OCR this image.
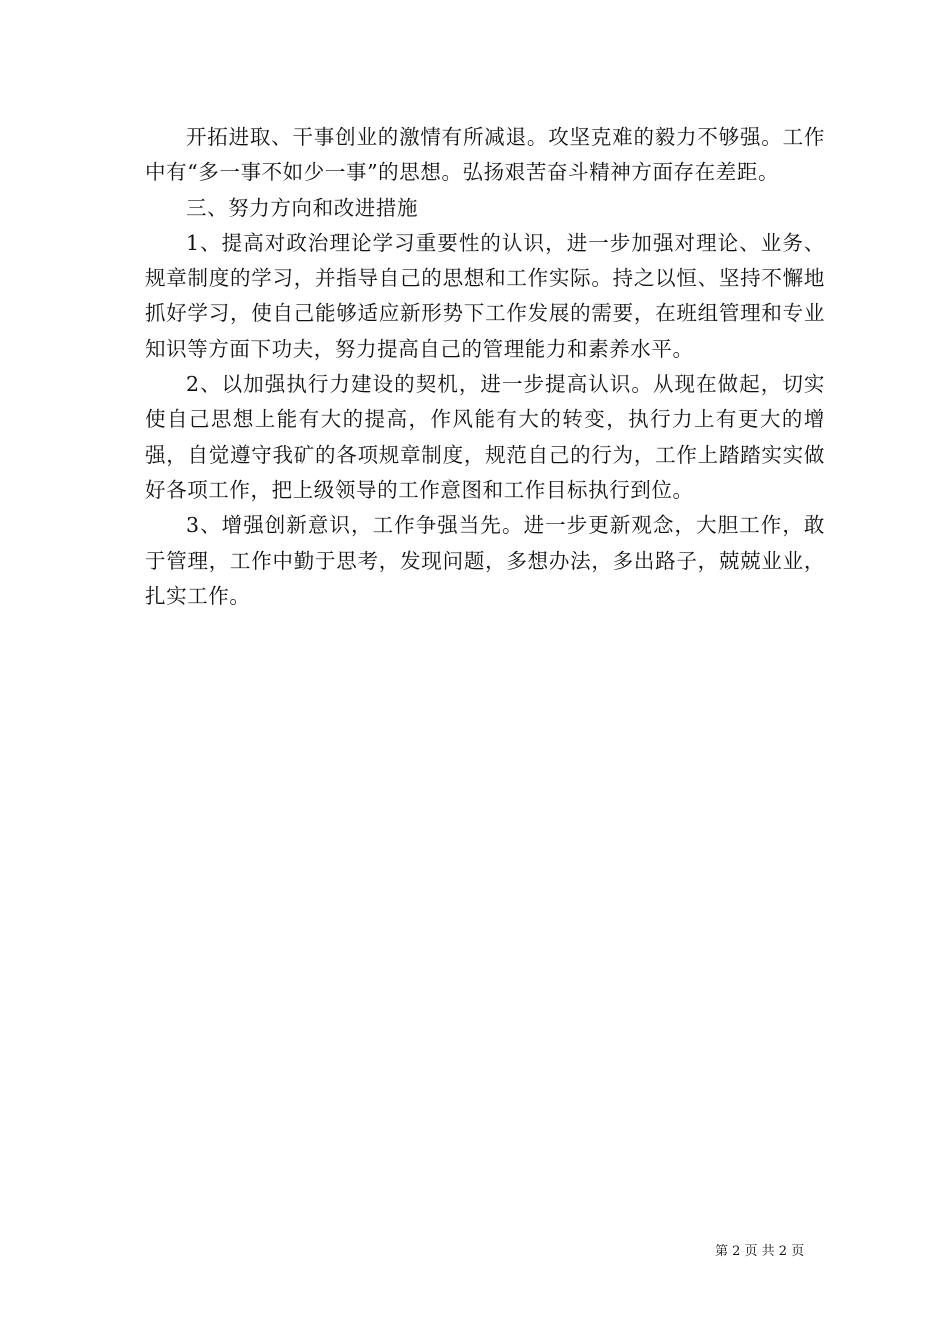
开拓进取、干事创业的激情有所减退。攻坚克难的毅力不够强。工作中有“多一事不如少一事”的思想。弘扬艰苦奋斗精神方面存在差距。

三、努力方向和改进措施

1、提高对政治理论学习重要性的认识，进一步加强对理论、业务、规章制度的学习，并指导自己的思想和工作实际。持之以恒、坚持不懈地抓好学习，使自己能够适应新形势下工作发展的需要，在班组管理和专业知识等方面下功夫，努力提高自己的管理能力和素养水平。

2、以加强执行力建设的契机，进一步提高认识。从现在做起，切实使自己思想上能有大的提高，作风能有大的转变，执行力上有更大的增强，自觉遵守我矿的各项规章制度，规范自己的行为，工作上踏踏实实做好各项工作，把上级领导的工作意图和工作目标执行到位。

3、增强创新意识，工作争强当先。进一步更新观念，大胆工作，敢于管理，工作中勤于思考，发现问题，多想办法，多出路子，兢兢业业，扎实工作。

第 2 页 共 2 页
